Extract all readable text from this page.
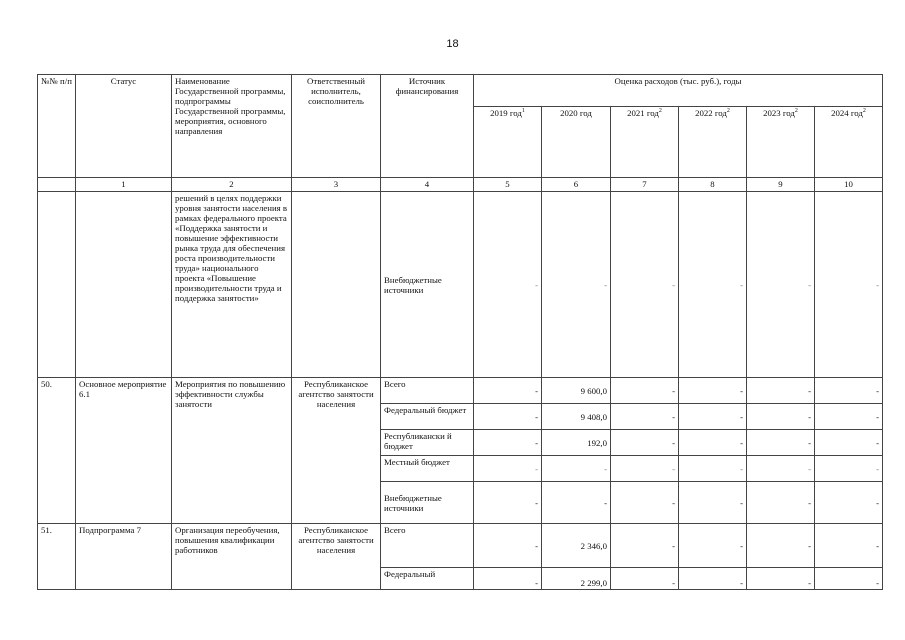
18
№№ п/п	Статус	Наименование Государственной программы, подпрограммы Государственной программы, мероприятия, основного направления	Ответственный исполнитель, соисполнитель	Источник финансирования	Оценка расходов (тыс. руб.), годы					
					2019 год$^1$	2020 год	2021 год$^2$	2022 год$^2$	2023 год$^2$	2024 год$^2$
	1	2	3	4	5	6	7	8	9	10
		решений в целях поддержки уровня занятости населения в рамках федерального проекта «Поддержка занятости и повышение эффективности рынка труда для обеспечения роста производительности труда» национального проекта «Повышение производительности труда и поддержка занятости»		Внебюджетные источники	-	-	-	-	-	-
50.	Основное мероприятие 6.1	Мероприятия по повышению эффективности службы занятости	Республиканское агентство занятости населения	Всего	-	9 600,0	-	-	-	-
				Федеральный бюджет	-	9 408,0	-	-	-	-
				Республикански й бюджет	-	192,0	-	-	-	-
				Местный бюджет	-	-	-	-	-	-
				Внебюджетные источники	-	-	-	-	-	-
51.	Подпрограмма 7	Организация переобучения, повышения квалификации работников	Республиканское агентство занятости населения	Всего	-	2 346,0	-	-	-	-
				Федеральный	-	2 299,0	-	-	-	-
